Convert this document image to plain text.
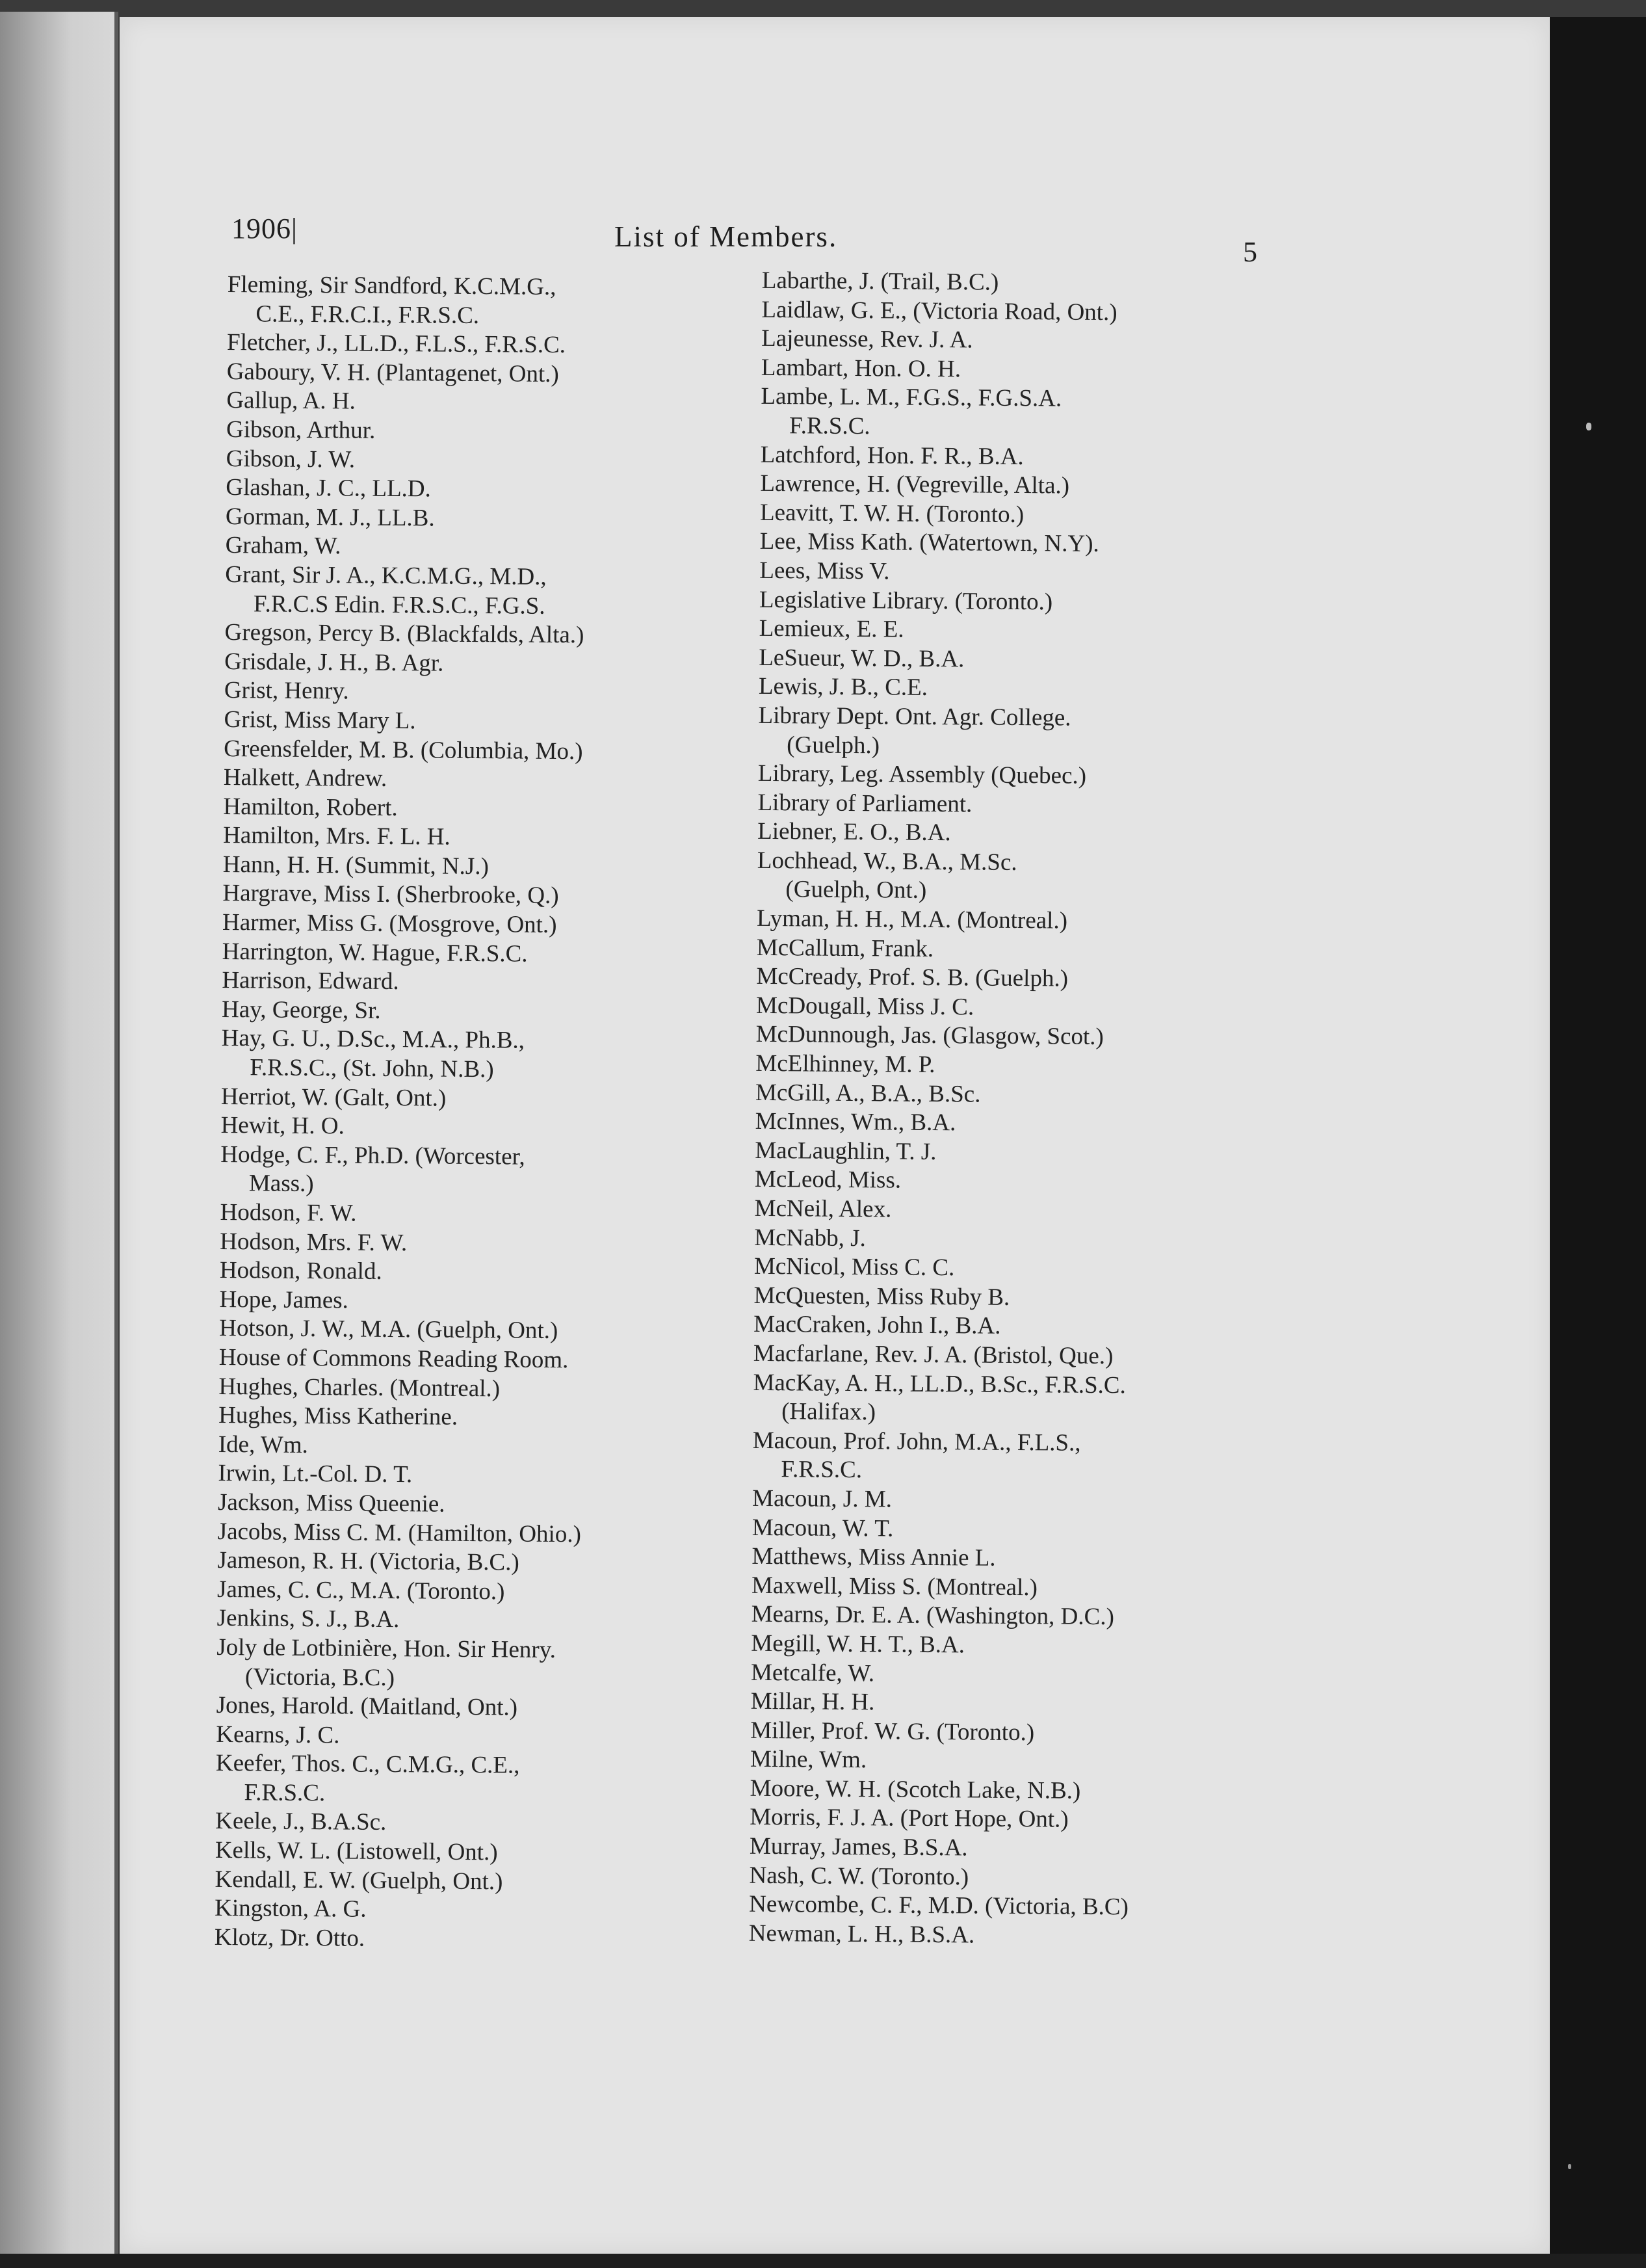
1906|	List of Members.	5
Fleming, Sir Sandford, K.C.M.G.,
C.E., F.R.C.I., F.R.S.C.
Fletcher, J., LL.D., F.L.S., F.R.S.C.
Gaboury, V. H. (Plantagenet, Ont.)
Gallup, A. H.
Gibson, Arthur.
Gibson, J. W.
Glashan, J. C., LL.D.
Gorman, M. J., LL.B.
Graham, W.
Grant, Sir J. A., K.C.M.G., M.D.,
F.R.C.S Edin. F.R.S.C., F.G.S.
Gregson, Percy B. (Blackfalds, Alta.)
Grisdale, J. H., B. Agr.
Grist, Henry.
Grist, Miss Mary L.
Greensfelder, M. B. (Columbia, Mo.)
Halkett, Andrew.
Hamilton, Robert.
Hamilton, Mrs. F. L. H.
Hann, H. H. (Summit, N.J.)
Hargrave, Miss I. (Sherbrooke, Q.)
Harmer, Miss G. (Mosgrove, Ont.)
Harrington, W. Hague, F.R.S.C.
Harrison, Edward.
Hay, George, Sr.
Hay, G. U., D.Sc., M.A., Ph.B.,
F.R.S.C., (St. John, N.B.)
Herriot, W. (Galt, Ont.)
Hewit, H. O.
Hodge, C. F., Ph.D. (Worcester,
Mass.)
Hodson, F. W.
Hodson, Mrs. F. W.
Hodson, Ronald.
Hope, James.
Hotson, J. W., M.A. (Guelph, Ont.)
House of Commons Reading Room.
Hughes, Charles. (Montreal.)
Hughes, Miss Katherine.
Ide, Wm.
Irwin, Lt.-Col. D. T.
Jackson, Miss Queenie.
Jacobs, Miss C. M. (Hamilton, Ohio.)
Jameson, R. H. (Victoria, B.C.)
James, C. C., M.A. (Toronto.)
Jenkins, S. J., B.A.
Joly de Lotbinière, Hon. Sir Henry.
(Victoria, B.C.)
Jones, Harold. (Maitland, Ont.)
Kearns, J. C.
Keefer, Thos. C., C.M.G., C.E.,
F.R.S.C.
Keele, J., B.A.Sc.
Kells, W. L. (Listowell, Ont.)
Kendall, E. W. (Guelph, Ont.)
Kingston, A. G.
Klotz, Dr. Otto.
Labarthe, J. (Trail, B.C.)
Laidlaw, G. E., (Victoria Road, Ont.)
Lajeunesse, Rev. J. A.
Lambart, Hon. O. H.
Lambe, L. M., F.G.S., F.G.S.A.
F.R.S.C.
Latchford, Hon. F. R., B.A.
Lawrence, H. (Vegreville, Alta.)
Leavitt, T. W. H. (Toronto.)
Lee, Miss Kath. (Watertown, N.Y).
Lees, Miss V.
Legislative Library. (Toronto.)
Lemieux, E. E.
LeSueur, W. D., B.A.
Lewis, J. B., C.E.
Library Dept. Ont. Agr. College.
(Guelph.)
Library, Leg. Assembly (Quebec.)
Library of Parliament.
Liebner, E. O., B.A.
Lochhead, W., B.A., M.Sc.
(Guelph, Ont.)
Lyman, H. H., M.A. (Montreal.)
McCallum, Frank.
McCready, Prof. S. B. (Guelph.)
McDougall, Miss J. C.
McDunnough, Jas. (Glasgow, Scot.)
McElhinney, M. P.
McGill, A., B.A., B.Sc.
McInnes, Wm., B.A.
MacLaughlin, T. J.
McLeod, Miss.
McNeil, Alex.
McNabb, J.
McNicol, Miss C. C.
McQuesten, Miss Ruby B.
MacCraken, John I., B.A.
Macfarlane, Rev. J. A. (Bristol, Que.)
MacKay, A. H., LL.D., B.Sc., F.R.S.C.
(Halifax.)
Macoun, Prof. John, M.A., F.L.S.,
F.R.S.C.
Macoun, J. M.
Macoun, W. T.
Matthews, Miss Annie L.
Maxwell, Miss S. (Montreal.)
Mearns, Dr. E. A. (Washington, D.C.)
Megill, W. H. T., B.A.
Metcalfe, W.
Millar, H. H.
Miller, Prof. W. G. (Toronto.)
Milne, Wm.
Moore, W. H. (Scotch Lake, N.B.)
Morris, F. J. A. (Port Hope, Ont.)
Murray, James, B.S.A.
Nash, C. W. (Toronto.)
Newcombe, C. F., M.D. (Victoria, B.C)
Newman, L. H., B.S.A.
